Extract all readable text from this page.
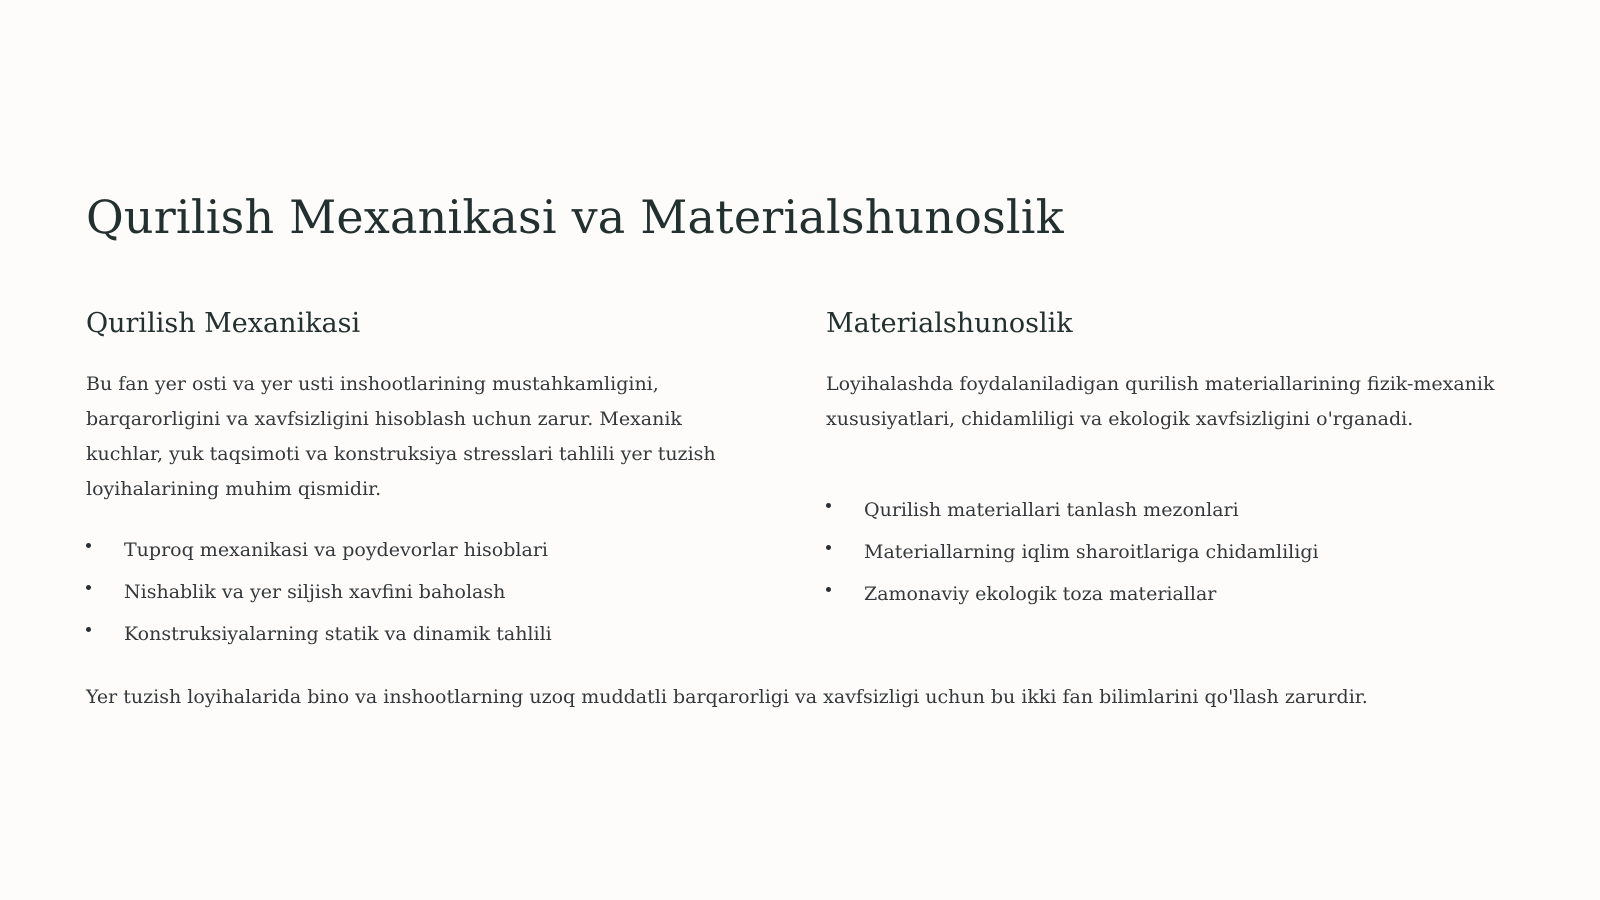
Qurilish Mexanikasi va Materialshunoslik
Qurilish Mexanikasi

Bu fan yer osti va yer usti inshootlarining mustahkamligini, barqarorligini va xavfsizligini hisoblash uchun zarur. Mexanik kuchlar, yuk taqsimoti va konstruksiya stresslari tahlili yer tuzish loyihalarining muhim qismidir.

Tuproq mexanikasi va poydevorlar hisoblari
Nishablik va yer siljish xavfini baholash
Konstruksiyalarning statik va dinamik tahlili
Materialshunoslik

Loyihalashda foydalaniladigan qurilish materiallarining fizik-mexanik xususiyatlari, chidamliligi va ekologik xavfsizligini o'rganadi.

Qurilish materiallari tanlash mezonlari
Materiallarning iqlim sharoitlariga chidamliligi
Zamonaviy ekologik toza materiallar

Yer tuzish loyihalarida bino va inshootlarning uzoq muddatli barqarorligi va xavfsizligi uchun bu ikki fan bilimlarini qo'llash zarurdir.
